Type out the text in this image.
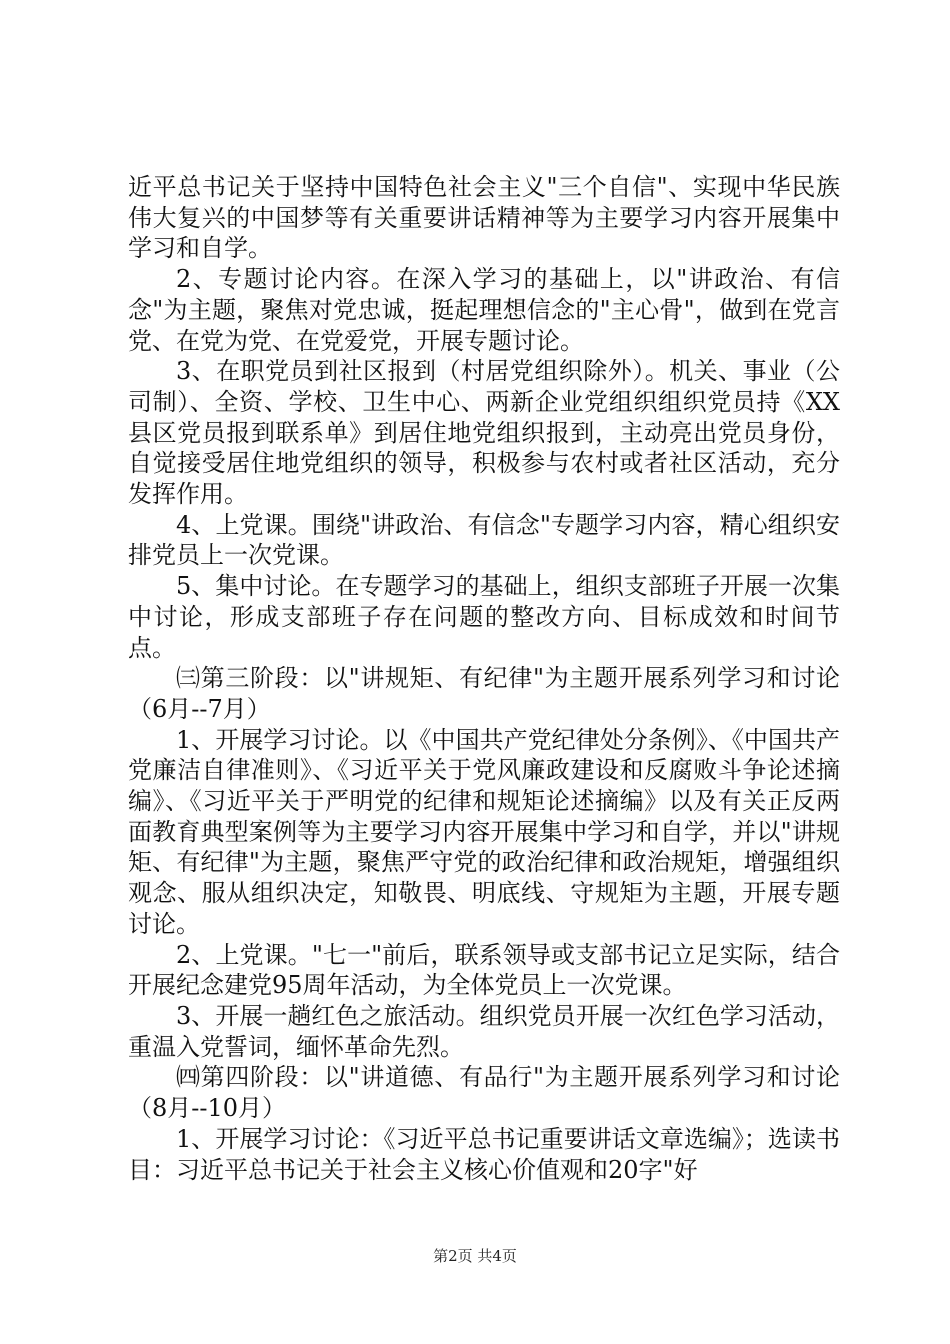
近平总书记关于坚持中国特色社会主义"三个自信"、实现中华民族伟大复兴的中国梦等有关重要讲话精神等为主要学习内容开展集中学习和自学。

2、专题讨论内容。在深入学习的基础上，以"讲政治、有信念"为主题，聚焦对党忠诚，挺起理想信念的"主心骨"，做到在党言党、在党为党、在党爱党，开展专题讨论。

3、在职党员到社区报到（村居党组织除外）。机关、事业（公司制）、全资、学校、卫生中心、两新企业党组织组织党员持《XX县区党员报到联系单》到居住地党组织报到，主动亮出党员身份，自觉接受居住地党组织的领导，积极参与农村或者社区活动，充分发挥作用。

4、上党课。围绕"讲政治、有信念"专题学习内容，精心组织安排党员上一次党课。

5、集中讨论。在专题学习的基础上，组织支部班子开展一次集中讨论，形成支部班子存在问题的整改方向、目标成效和时间节点。

㈢第三阶段：以"讲规矩、有纪律"为主题开展系列学习和讨论（6月--7月）

1、开展学习讨论。以《中国共产党纪律处分条例》、《中国共产党廉洁自律准则》、《习近平关于党风廉政建设和反腐败斗争论述摘编》、《习近平关于严明党的纪律和规矩论述摘编》以及有关正反两面教育典型案例等为主要学习内容开展集中学习和自学，并以"讲规矩、有纪律"为主题，聚焦严守党的政治纪律和政治规矩，增强组织观念、服从组织决定，知敬畏、明底线、守规矩为主题，开展专题讨论。

2、上党课。"七一"前后，联系领导或支部书记立足实际，结合开展纪念建党95周年活动，为全体党员上一次党课。

3、开展一趟红色之旅活动。组织党员开展一次红色学习活动，重温入党誓词，缅怀革命先烈。

㈣第四阶段：以"讲道德、有品行"为主题开展系列学习和讨论（8月--10月）

1、开展学习讨论：《习近平总书记重要讲话文章选编》；选读书目：习近平总书记关于社会主义核心价值观和20字"好

第2页 共4页
